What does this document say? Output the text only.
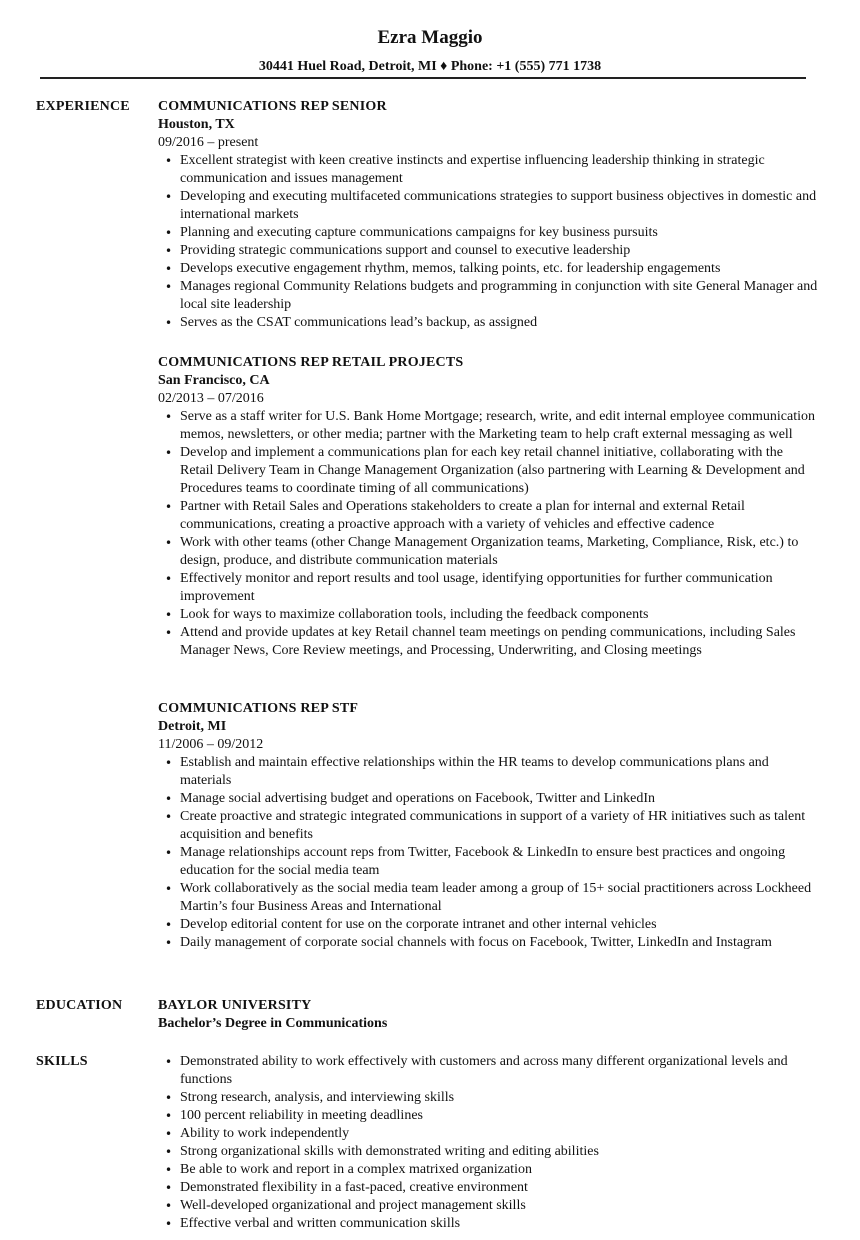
Ezra Maggio
30441 Huel Road, Detroit, MI ♦ Phone: +1 (555) 771 1738
EXPERIENCE COMMUNICATIONS REP SENIOR

Houston, TX

09/2016 – present

• Excellent strategist with keen creative instincts and expertise influencing leadership thinking in strategic communication and issues management
• Developing and executing multifaceted communications strategies to support business objectives in domestic and international markets
• Planning and executing capture communications campaigns for key business pursuits
• Providing strategic communications support and counsel to executive leadership
• Develops executive engagement rhythm, memos, talking points, etc. for leadership engagements
• Manages regional Community Relations budgets and programming in conjunction with site General Manager and local site leadership
• Serves as the CSAT communications lead’s backup, as assigned

COMMUNICATIONS REP RETAIL PROJECTS

San Francisco, CA

02/2013 – 07/2016

• Serve as a staff writer for U.S. Bank Home Mortgage; research, write, and edit internal employee communication memos, newsletters, or other media; partner with the Marketing team to help craft external messaging as well
• Develop and implement a communications plan for each key retail channel initiative, collaborating with the Retail Delivery Team in Change Management Organization (also partnering with Learning & Development and Procedures teams to coordinate timing of all communications)
• Partner with Retail Sales and Operations stakeholders to create a plan for internal and external Retail communications, creating a proactive approach with a variety of vehicles and effective cadence
• Work with other teams (other Change Management Organization teams, Marketing, Compliance, Risk, etc.) to design, produce, and distribute communication materials
• Effectively monitor and report results and tool usage, identifying opportunities for further communication improvement
• Look for ways to maximize collaboration tools, including the feedback components
• Attend and provide updates at key Retail channel team meetings on pending communications, including Sales Manager News, Core Review meetings, and Processing, Underwriting, and Closing meetings

COMMUNICATIONS REP STF

Detroit, MI

11/2006 – 09/2012

• Establish and maintain effective relationships within the HR teams to develop communications plans and materials
• Manage social advertising budget and operations on Facebook, Twitter and LinkedIn
• Create proactive and strategic integrated communications in support of a variety of HR initiatives such as talent acquisition and benefits
• Manage relationships account reps from Twitter, Facebook & LinkedIn to ensure best practices and ongoing education for the social media team
• Work collaboratively as the social media team leader among a group of 15+ social practitioners across Lockheed Martin’s four Business Areas and International
• Develop editorial content for use on the corporate intranet and other internal vehicles
• Daily management of corporate social channels with focus on Facebook, Twitter, LinkedIn and Instagram
EDUCATION	BAYLOR UNIVERSITY

Bachelor’s Degree in Communications

SKILLS
•	Demonstrated ability to work effectively with customers and across many different organizational levels and functions
• Strong research, analysis, and interviewing skills
• 100 percent reliability in meeting deadlines
• Ability to work independently
• Strong organizational skills with demonstrated writing and editing abilities
• Be able to work and report in a complex matrixed organization
• Demonstrated flexibility in a fast-paced, creative environment
• Well-developed organizational and project management skills
• Effective verbal and written communication skills
